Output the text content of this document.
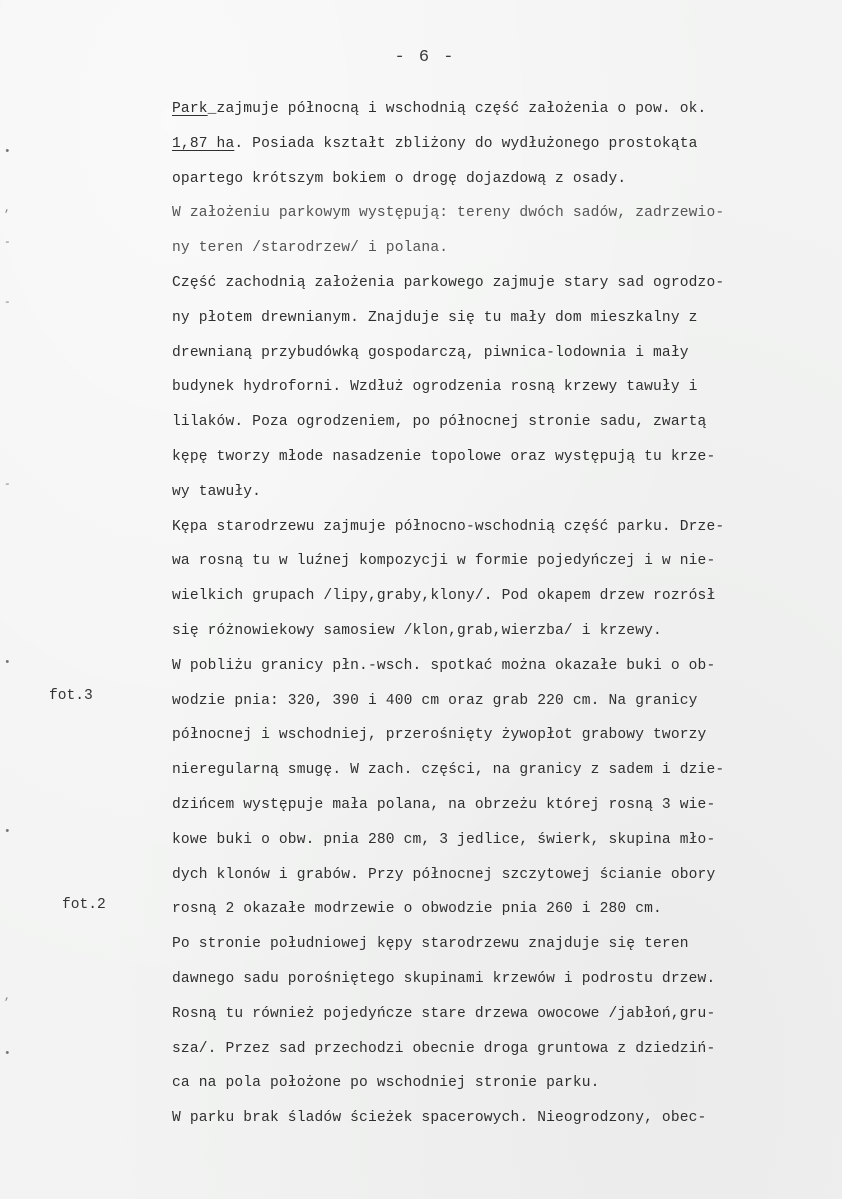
- 6 -
•
,
-
-
-
•
•
,
•
fot.3
fot.2
Park_zajmuje północną i wschodnią część założenia o pow. ok.
1,87 ha. Posiada kształt zbliżony do wydłużonego prostokąta
opartego krótszym bokiem o drogę dojazdową z osady.
W założeniu parkowym występują: tereny dwóch sadów, zadrzewio-
ny teren /starodrzew/ i polana.
Część zachodnią założenia parkowego zajmuje stary sad ogrodzo-
ny płotem drewnianym. Znajduje się tu mały dom mieszkalny z
drewnianą przybudówką gospodarczą, piwnica-lodownia i mały
budynek hydroforni. Wzdłuż ogrodzenia rosną krzewy tawuły i
lilaków. Poza ogrodzeniem, po północnej stronie sadu, zwartą
kępę tworzy młode nasadzenie topolowe oraz występują tu krze-
wy tawuły.
Kępa starodrzewu zajmuje północno-wschodnią część parku. Drze-
wa rosną tu w luźnej kompozycji w formie pojedyńczej i w nie-
wielkich grupach /lipy,graby,klony/. Pod okapem drzew rozrósł
się różnowiekowy samosiew /klon,grab,wierzba/ i krzewy.
W pobliżu granicy płn.-wsch. spotkać można okazałe buki o ob-
wodzie pnia: 320, 390 i 400 cm oraz grab 220 cm. Na granicy
północnej i wschodniej, przerośnięty żywopłot grabowy tworzy
nieregularną smugę. W zach. części, na granicy z sadem i dzie-
dzińcem występuje mała polana, na obrzeżu której rosną 3 wie-
kowe buki o obw. pnia 280 cm, 3 jedlice, świerk, skupina mło-
dych klonów i grabów. Przy północnej szczytowej ścianie obory
rosną 2 okazałe modrzewie o obwodzie pnia 260 i 280 cm.
Po stronie południowej kępy starodrzewu znajduje się teren
dawnego sadu porośniętego skupinami krzewów i podrostu drzew.
Rosną tu również pojedyńcze stare drzewa owocowe /jabłoń,gru-
sza/. Przez sad przechodzi obecnie droga gruntowa z dziedziń-
ca na pola położone po wschodniej stronie parku.
W parku brak śladów ścieżek spacerowych. Nieogrodzony, obec-
